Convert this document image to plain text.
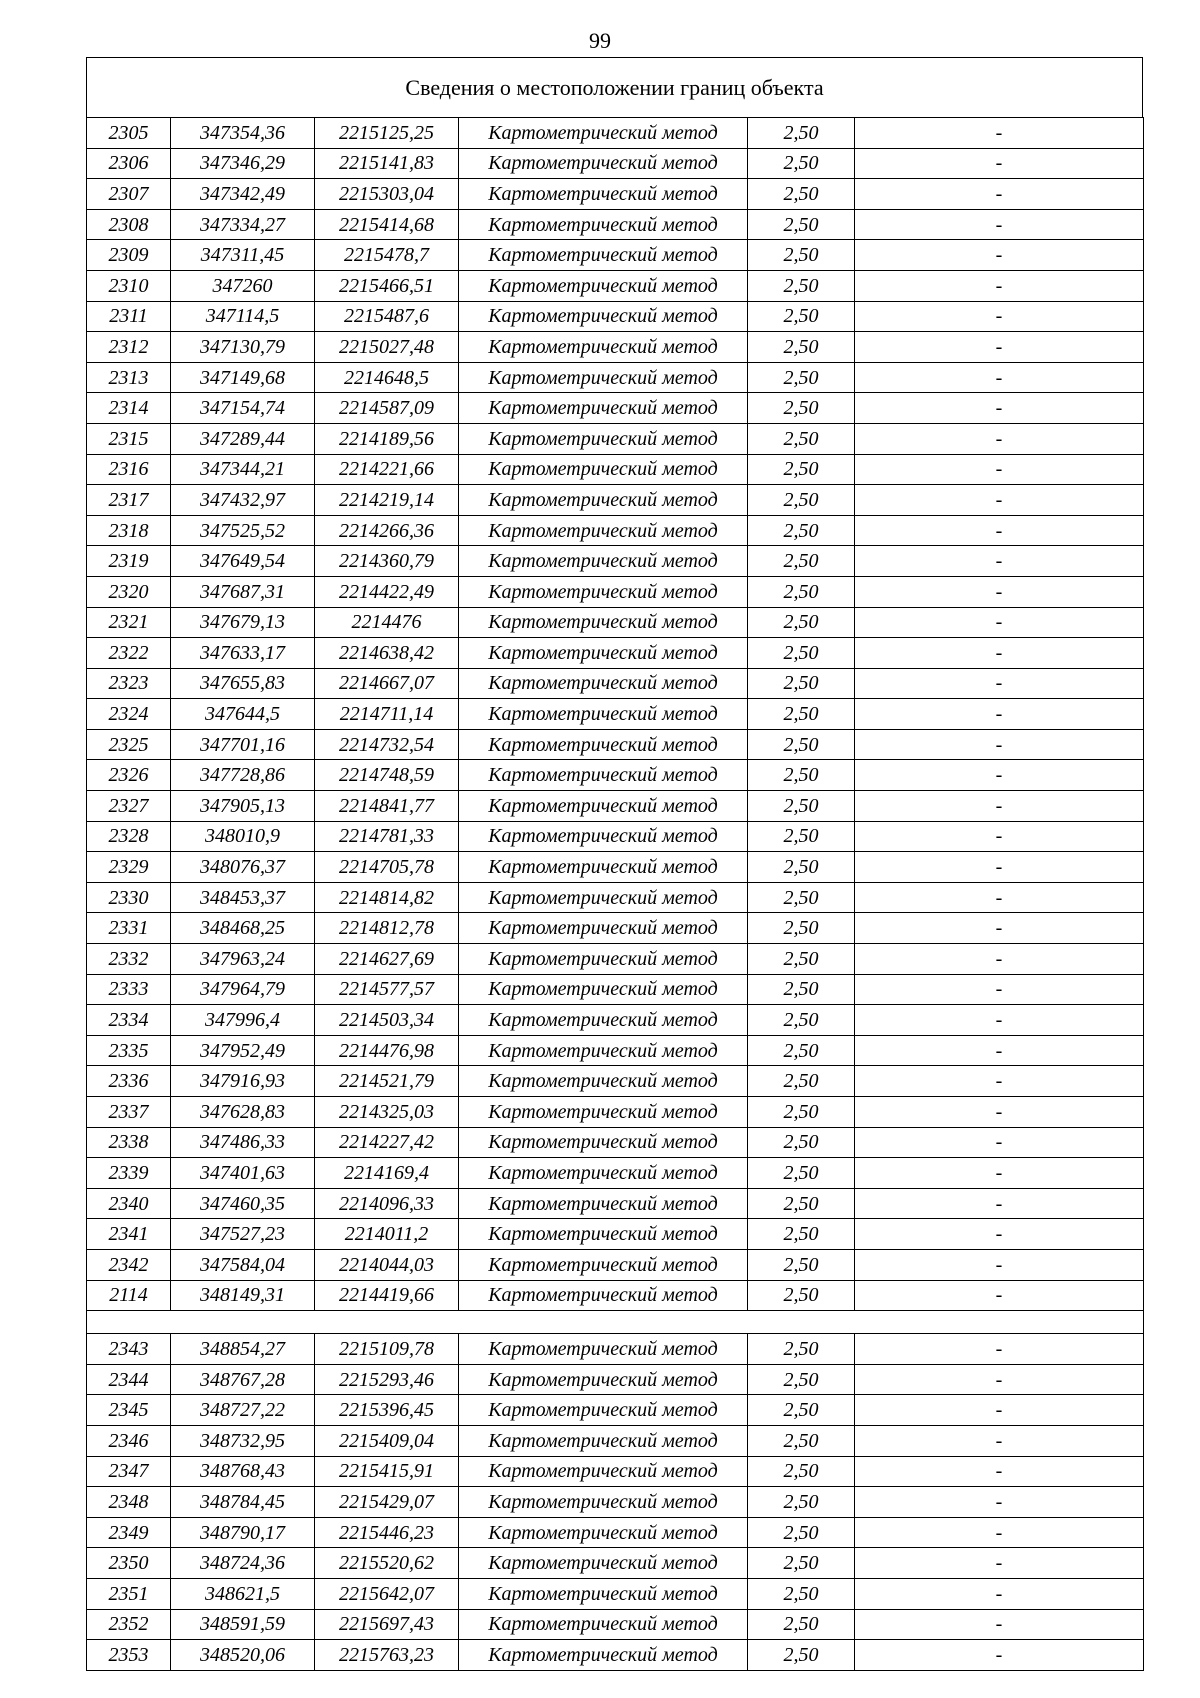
99
Сведения о местоположении границ объекта
2305	347354,36	2215125,25	Картометрический метод	2,50	-
2306	347346,29	2215141,83	Картометрический метод	2,50	-
2307	347342,49	2215303,04	Картометрический метод	2,50	-
2308	347334,27	2215414,68	Картометрический метод	2,50	-
2309	347311,45	2215478,7	Картометрический метод	2,50	-
2310	347260	2215466,51	Картометрический метод	2,50	-
2311	347114,5	2215487,6	Картометрический метод	2,50	-
2312	347130,79	2215027,48	Картометрический метод	2,50	-
2313	347149,68	2214648,5	Картометрический метод	2,50	-
2314	347154,74	2214587,09	Картометрический метод	2,50	-
2315	347289,44	2214189,56	Картометрический метод	2,50	-
2316	347344,21	2214221,66	Картометрический метод	2,50	-
2317	347432,97	2214219,14	Картометрический метод	2,50	-
2318	347525,52	2214266,36	Картометрический метод	2,50	-
2319	347649,54	2214360,79	Картометрический метод	2,50	-
2320	347687,31	2214422,49	Картометрический метод	2,50	-
2321	347679,13	2214476	Картометрический метод	2,50	-
2322	347633,17	2214638,42	Картометрический метод	2,50	-
2323	347655,83	2214667,07	Картометрический метод	2,50	-
2324	347644,5	2214711,14	Картометрический метод	2,50	-
2325	347701,16	2214732,54	Картометрический метод	2,50	-
2326	347728,86	2214748,59	Картометрический метод	2,50	-
2327	347905,13	2214841,77	Картометрический метод	2,50	-
2328	348010,9	2214781,33	Картометрический метод	2,50	-
2329	348076,37	2214705,78	Картометрический метод	2,50	-
2330	348453,37	2214814,82	Картометрический метод	2,50	-
2331	348468,25	2214812,78	Картометрический метод	2,50	-
2332	347963,24	2214627,69	Картометрический метод	2,50	-
2333	347964,79	2214577,57	Картометрический метод	2,50	-
2334	347996,4	2214503,34	Картометрический метод	2,50	-
2335	347952,49	2214476,98	Картометрический метод	2,50	-
2336	347916,93	2214521,79	Картометрический метод	2,50	-
2337	347628,83	2214325,03	Картометрический метод	2,50	-
2338	347486,33	2214227,42	Картометрический метод	2,50	-
2339	347401,63	2214169,4	Картометрический метод	2,50	-
2340	347460,35	2214096,33	Картометрический метод	2,50	-
2341	347527,23	2214011,2	Картометрический метод	2,50	-
2342	347584,04	2214044,03	Картометрический метод	2,50	-
2114	348149,31	2214419,66	Картометрический метод	2,50	-

2343	348854,27	2215109,78	Картометрический метод	2,50	-
2344	348767,28	2215293,46	Картометрический метод	2,50	-
2345	348727,22	2215396,45	Картометрический метод	2,50	-
2346	348732,95	2215409,04	Картометрический метод	2,50	-
2347	348768,43	2215415,91	Картометрический метод	2,50	-
2348	348784,45	2215429,07	Картометрический метод	2,50	-
2349	348790,17	2215446,23	Картометрический метод	2,50	-
2350	348724,36	2215520,62	Картометрический метод	2,50	-
2351	348621,5	2215642,07	Картометрический метод	2,50	-
2352	348591,59	2215697,43	Картометрический метод	2,50	-
2353	348520,06	2215763,23	Картометрический метод	2,50	-
